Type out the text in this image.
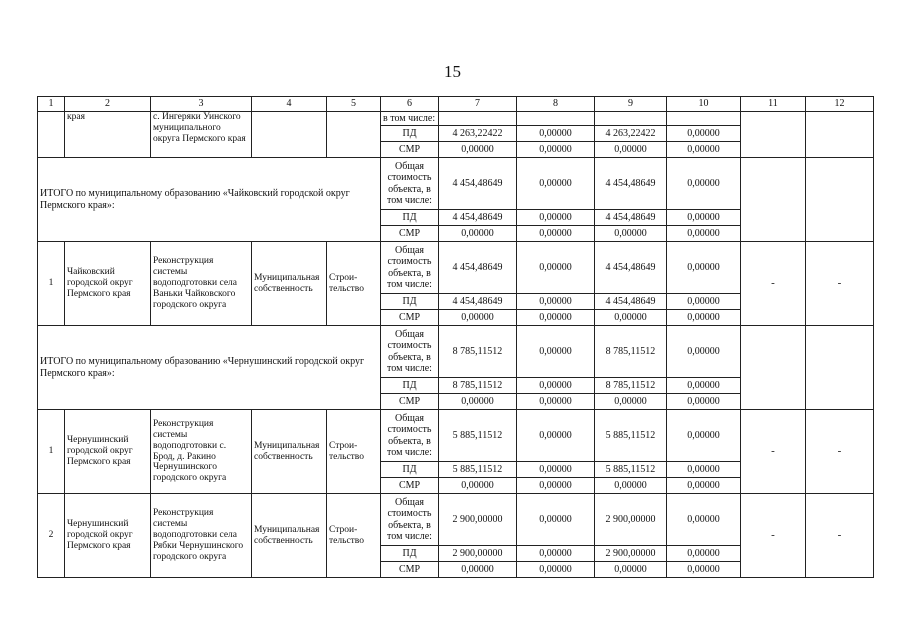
15
1	2	3	4	5	6	7	8	9	10	11	12
	края	с. Ингеряки Уинского муниципального округа Пермского края			в том числе:						
					ПД	4 263,22422	0,00000	4 263,22422	0,00000		
					СМР	0,00000	0,00000	0,00000	0,00000		
ИТОГО по муниципальному образованию «Чайковский городской округ Пермского края»:					Общая стоимость объекта, в том числе:	4 454,48649	0,00000	4 454,48649	0,00000		
					ПД	4 454,48649	0,00000	4 454,48649	0,00000		
					СМР	0,00000	0,00000	0,00000	0,00000		
1	Чайковский городской округ Пермского края	Реконструкция системы водоподготовки села Ваньки Чайковского городского округа	Муниципальная собственность	Строи- тельство	Общая стоимость объекта, в том числе:	4 454,48649	0,00000	4 454,48649	0,00000	-	-
					ПД	4 454,48649	0,00000	4 454,48649	0,00000		
					СМР	0,00000	0,00000	0,00000	0,00000		
ИТОГО по муниципальному образованию «Чернушинский городской округ Пермского края»:					Общая стоимость объекта, в том числе:	8 785,11512	0,00000	8 785,11512	0,00000		
					ПД	8 785,11512	0,00000	8 785,11512	0,00000		
					СМР	0,00000	0,00000	0,00000	0,00000		
1	Чернушинский городской округ Пермского края	Реконструкция системы водоподготовки с. Брод, д. Ракино Чернушинского городского округа	Муниципальная собственность	Строи- тельство	Общая стоимость объекта, в том числе:	5 885,11512	0,00000	5 885,11512	0,00000	-	-
					ПД	5 885,11512	0,00000	5 885,11512	0,00000		
					СМР	0,00000	0,00000	0,00000	0,00000		
2	Чернушинский городской округ Пермского края	Реконструкция системы водоподготовки села Рябки Чернушинского городского округа	Муниципальная собственность	Строи- тельство	Общая стоимость объекта, в том числе:	2 900,00000	0,00000	2 900,00000	0,00000	-	-
					ПД	2 900,00000	0,00000	2 900,00000	0,00000		
					СМР	0,00000	0,00000	0,00000	0,00000		
